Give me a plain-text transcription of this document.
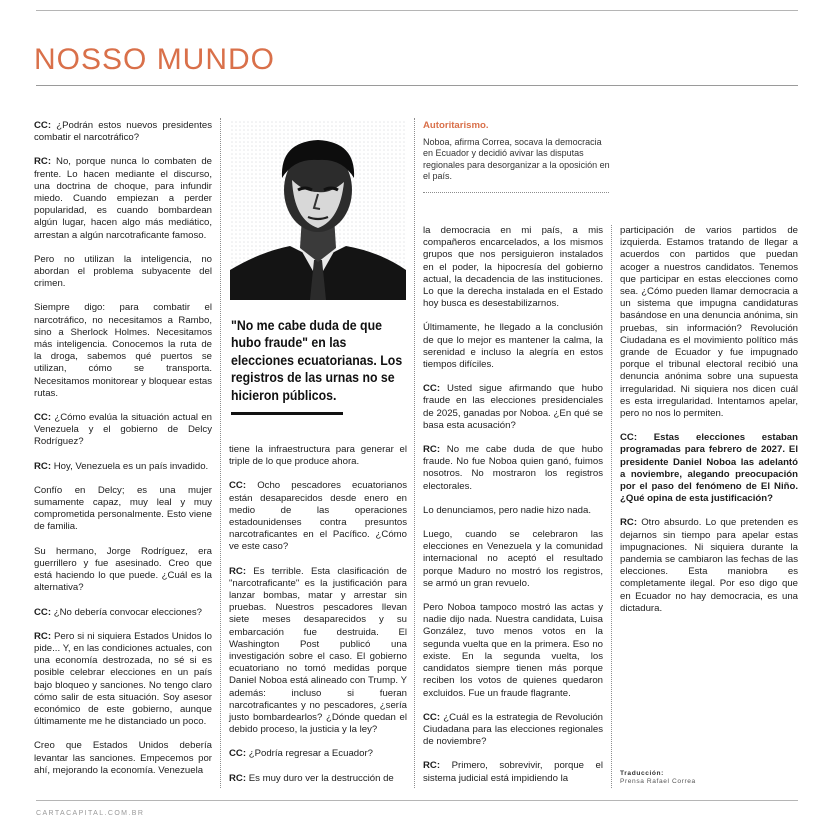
NOSSO MUNDO

CC: ¿Podrán estos nuevos presidentes combatir el narcotráfico?

RC: No, porque nunca lo combaten de frente. Lo hacen mediante el discurso, una doctrina de choque, para infundir miedo. Cuando empiezan a perder popularidad, es cuando bombardean algún lugar, hacen algo más mediático, arrestan a algún narcotraficante famoso.

Pero no utilizan la inteligencia, no abordan el problema subyacente del crimen.

Siempre digo: para combatir el narcotráfico, no necesitamos a Rambo, sino a Sherlock Holmes. Necesitamos más inteligencia. Conocemos la ruta de la droga, sabemos qué puertos se utilizan, cómo se transporta. Necesitamos monitorear y bloquear estas rutas.

CC: ¿Cómo evalúa la situación actual en Venezuela y el gobierno de Delcy Rodríguez?

RC: Hoy, Venezuela es un país invadido.

Confío en Delcy; es una mujer sumamente capaz, muy leal y muy comprometida personalmente. Esto viene de familia.

Su hermano, Jorge Rodríguez, era guerrillero y fue asesinado. Creo que está haciendo lo que puede. ¿Cuál es la alternativa?

CC: ¿No debería convocar elecciones?

RC: Pero si ni siquiera Estados Unidos lo pide... Y, en las condiciones actuales, con una economía destrozada, no sé si es posible celebrar elecciones en un país bajo bloqueo y sanciones. No tengo claro cómo salir de esta situación. Soy asesor económico de este gobierno, aunque últimamente me he distanciado un poco.

Creo que Estados Unidos debería levantar las sanciones. Empecemos por ahí, mejorando la economía. Venezuela

"No me cabe duda de que hubo fraude" en las elecciones ecuatorianas. Los registros de las urnas no se hicieron públicos.

tiene la infraestructura para generar el triple de lo que produce ahora.

CC: Ocho pescadores ecuatorianos están desaparecidos desde enero en medio de las operaciones estadounidenses contra presuntos narcotraficantes en el Pacífico. ¿Cómo ve este caso?

RC: Es terrible. Esta clasificación de "narcotraficante" es la justificación para lanzar bombas, matar y arrestar sin pruebas. Nuestros pescadores llevan siete meses desaparecidos y su embarcación fue destruida. El Washington Post publicó una investigación sobre el caso. El gobierno ecuatoriano no tomó medidas porque Daniel Noboa está alineado con Trump. Y además: incluso si fueran narcotraficantes y no pescadores, ¿sería justo bombardearlos? ¿Dónde quedan el debido proceso, la justicia y la ley?

CC: ¿Podría regresar a Ecuador?

RC: Es muy duro ver la destrucción de

Autoritarismo.
Noboa, afirma Correa, socava la democracia en Ecuador y decidió avivar las disputas regionales para desorganizar a la oposición en el país.

la democracia en mi país, a mis compañeros encarcelados, a los mismos grupos que nos persiguieron instalados en el poder, la hipocresía del gobierno actual, la decadencia de las instituciones. Lo que la derecha instalada en el Estado hoy busca es desestabilizarnos.

Últimamente, he llegado a la conclusión de que lo mejor es mantener la calma, la serenidad e incluso la alegría en estos tiempos difíciles.

CC: Usted sigue afirmando que hubo fraude en las elecciones presidenciales de 2025, ganadas por Noboa. ¿En qué se basa esta acusación?

RC: No me cabe duda de que hubo fraude. No fue Noboa quien ganó, fuimos nosotros. No mostraron los registros electorales.

Lo denunciamos, pero nadie hizo nada.

Luego, cuando se celebraron las elecciones en Venezuela y la comunidad internacional no aceptó el resultado porque Maduro no mostró los registros, se armó un gran revuelo.

Pero Noboa tampoco mostró las actas y nadie dijo nada. Nuestra candidata, Luisa González, tuvo menos votos en la segunda vuelta que en la primera. Eso no existe. En la segunda vuelta, los candidatos siempre tienen más porque reciben los votos de quienes quedaron excluidos. Fue un fraude flagrante.

CC: ¿Cuál es la estrategia de Revolución Ciudadana para las elecciones regionales de noviembre?

RC: Primero, sobrevivir, porque el sistema judicial está impidiendo la

participación de varios partidos de izquierda. Estamos tratando de llegar a acuerdos con partidos que puedan acoger a nuestros candidatos. Tenemos que participar en estas elecciones como sea. ¿Cómo pueden llamar democracia a un sistema que impugna candidaturas basándose en una denuncia anónima, sin pruebas, sin información? Revolución Ciudadana es el movimiento político más grande de Ecuador y fue impugnado porque el tribunal electoral recibió una denuncia anónima sobre una supuesta irregularidad. Ni siquiera nos dicen cuál es esta irregularidad. Intentamos apelar, pero no nos lo permiten.

CC: Estas elecciones estaban programadas para febrero de 2027. El presidente Daniel Noboa las adelantó a noviembre, alegando preocupación por el paso del fenómeno de El Niño. ¿Qué opina de esta justificación?

RC: Otro absurdo. Lo que pretenden es dejarnos sin tiempo para apelar estas impugnaciones. Ni siquiera durante la pandemia se cambiaron las fechas de las elecciones. Esta maniobra es completamente ilegal. Por eso digo que en Ecuador no hay democracia, es una dictadura.

Traducción:
Prensa Rafael Correa
CARTACAPITAL.COM.BR
